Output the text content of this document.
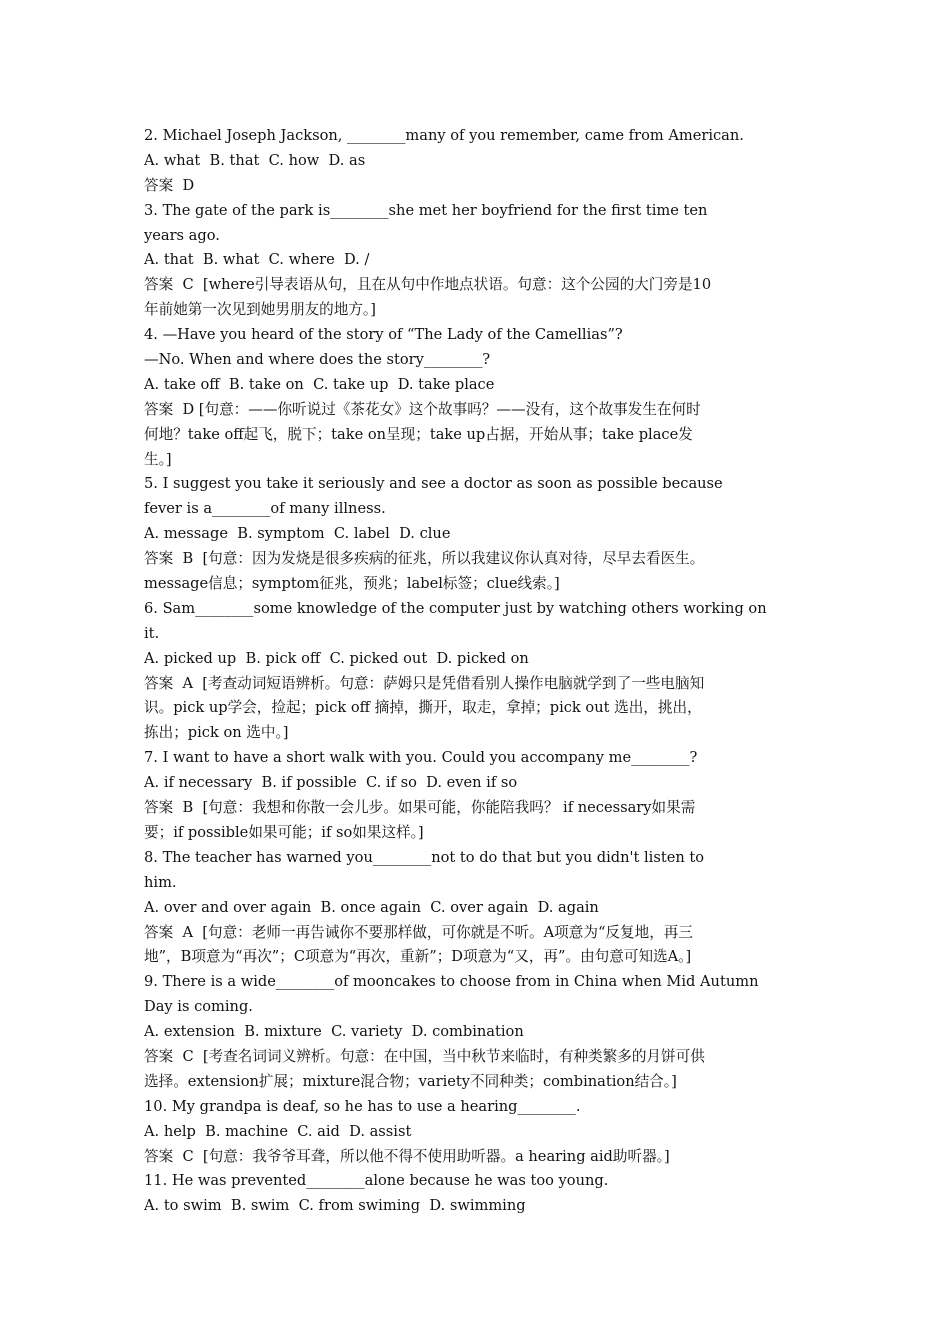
2. Michael Joseph Jackson, ________many of you remember, came from American.
A. what  B. that  C. how  D. as
答案  D
3. The gate of the park is________she met her boyfriend for the first time ten
years ago.
A. that  B. what  C. where  D. /
答案  C  [where引导表语从句，且在从句中作地点状语。句意：这个公园的大门旁是10
年前她第一次见到她男朋友的地方。]
4. —Have you heard of the story of “The Lady of the Camellias”?
—No. When and where does the story________?
A. take off  B. take on  C. take up  D. take place
答案  D [句意：——你听说过《茶花女》这个故事吗？——没有，这个故事发生在何时
何地？take off起飞，脱下；take on呈现；take up占据，开始从事；take place发
生。]
5. I suggest you take it seriously and see a doctor as soon as possible because
fever is a________of many illness.
A. message  B. symptom  C. label  D. clue
答案  B  [句意：因为发烧是很多疾病的征兆，所以我建议你认真对待，尽早去看医生。
message信息；symptom征兆，预兆；label标签；clue线索。]
6. Sam________some knowledge of the computer just by watching others working on
it.
A. picked up  B. pick off  C. picked out  D. picked on
答案  A  [考查动词短语辨析。句意：萨姆只是凭借看别人操作电脑就学到了一些电脑知
识。pick up学会，捡起；pick off 摘掉，撕开，取走，拿掉；pick out 选出，挑出，
拣出；pick on 选中。]
7. I want to have a short walk with you. Could you accompany me________?
A. if necessary  B. if possible  C. if so  D. even if so
答案  B  [句意：我想和你散一会儿步。如果可能，你能陪我吗？ if necessary如果需
要；if possible如果可能；if so如果这样。]
8. The teacher has warned you________not to do that but you didn't listen to
him.
A. over and over again  B. once again  C. over again  D. again
答案  A  [句意：老师一再告诫你不要那样做，可你就是不听。A项意为“反复地，再三
地”，B项意为“再次”；C项意为“再次，重新”；D项意为“又，再”。由句意可知选A。]
9. There is a wide________of mooncakes to choose from in China when Mid Autumn
Day is coming.
A. extension  B. mixture  C. variety  D. combination
答案  C  [考查名词词义辨析。句意：在中国，当中秋节来临时，有种类繁多的月饼可供
选择。extension扩展；mixture混合物；variety不同种类；combination结合。]
10. My grandpa is deaf, so he has to use a hearing________.
A. help  B. machine  C. aid  D. assist
答案  C  [句意：我爷爷耳聋，所以他不得不使用助听器。a hearing aid助听器。]
11. He was prevented________alone because he was too young.
A. to swim  B. swim  C. from swiming  D. swimming
